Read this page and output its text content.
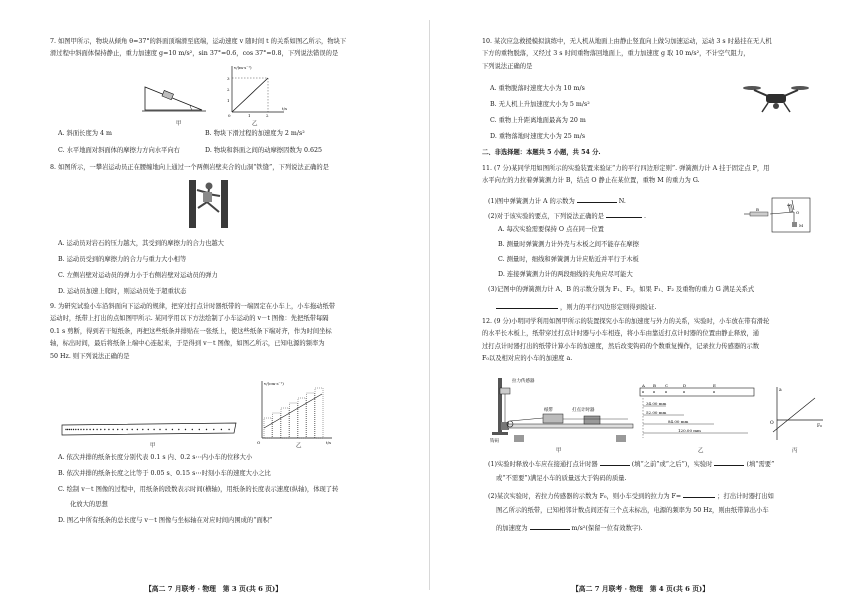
7. 如图甲所示，物块从倾角 θ=37°的斜面顶端滑至底端，运动速度 v 随时间 t 的关系如图乙所示，物块下

滑过程中斜面体保持静止，重力加速度 g=10 m/s²，sin 37°=0.6，cos 37°=0.8，下列说法错误的是

甲
3
2
1
0	1	2
v/(m·s⁻¹)
t/s
乙
A. 斜面长度为 4 m	B. 物块下滑过程的加速度为 2 m/s²
C. 水平地面对斜面体的摩擦力方向水平向右	D. 物块和斜面之间的动摩擦因数为 0.625

8. 如图所示，一攀岩运动员正在腰缠地向上通过一个两侧岩壁夹合的山洞“铁缝”，下列说法正确的是

A. 运动员对岩石的压力越大，其受到的摩擦力的合力也越大
B. 运动员受到的摩擦力的合力与重力大小相等
C. 左侧岩壁对运动员的弹力小于右侧岩壁对运动员的弹力
D. 运动员加速上爬时，则运动员处于超重状态

9. 为研究试验小车沿斜面向下运动的规律，把穿过打点计时器纸带的一端固定在小车上，小车拖动纸带

运动时，纸带上打出的点如图甲所示. 某同学用以下方法绘制了小车运动的 v－t 图像：先把纸带每隔

0.1 s 剪断，得到若干短纸条，再把这些纸条并排贴在一张纸上，使这些纸条下端对齐，作为时间坐标

轴，标出时间，最后将纸条上端中心连起来，于是得到 v－t 图像，如图乙所示，已知电源的频率为

50 Hz. 则下列说法正确的是

甲
v/(cm·s⁻¹)
t/s
O
乙
A. 依次并排的纸条长度分别代表 0.1 s 内、0.2 s⋯内小车的位移大小
B. 依次并排的纸条长度之比等于 0.05 s、0.15 s⋯时刻小车的速度大小之比
C. 绘制 v－t 图像的过程中，用纸条的段数表示时间(横轴)，用纸条的长度表示速度(纵轴)，体现了转
化放大的思想
D. 图乙中所有纸条的总长度与 v－t 图像与坐标轴在对应时间内围成的“面积”
【高二 7 月联考 · 物理　第 3 页(共 6 页)】

10. 某次应急救援模拟演练中，无人机从地面上由静止竖直向上做匀加速运动，运动 3 s 时悬挂在无人机

下方的重物脱落，又经过 3 s 时间重物落回地面上，重力加速度 g 取 10 m/s²，不计空气阻力，

下列说法正确的是

A. 重物脱落时速度大小为 10 m/s
B. 无人机上升加速度大小为 5 m/s²
C. 重物上升距离地面最高为 20 m
D. 重物落地时速度大小为 25 m/s
二、非选择题：本题共 5 小题，共 54 分.

11. (7 分)某同学用如图所示的实验装置来验证“力的平行四边形定则”. 弹簧测力计 A 挂于固定点 P，用

水平向左的力拉着弹簧测力计 B，结点 O 静止在某位置，重物 M 的重力为 G.

(1)图中弹簧测力计 A 的示数为	N.
(2)对于该实验的要点，下列说法正确的是	.
A. 每次实验需要保持 O 点在同一位置
B. 测量时弹簧测力计外壳与木板之间不能存在摩擦
C. 测量时，细线和弹簧测力计应贴近并平行于木板
D. 连接弹簧测力计的两段细线的夹角应尽可能大
(3)记图中的弹簧测力计 A、B 的示数分别为 F₁、F₂，如果 F₁、F₂ 及重物的重力 G 满足关系式
，则力的平行四边形定则得到验证.
A
O
B
M

12. (9 分)小明同学利用如图甲所示的装置探究小车的加速度与外力的关系，实验时，小车放在带有滑轮

的水平长木板上，纸带穿过打点计时器与小车相连，将小车由靠近打点计时器的位置由静止释放，通

过打点计时器打出的纸带计算小车的加速度，然后改变钩码的个数重复操作，记录拉力传感器的示数

F₀以及相对应的小车的加速度 a.

拉力传感器
钩码
纸带	打点计时器
甲
A B C	D	E
34.00 mm
52.00 mm
84.00 mm
120.00 mm
乙
a
F₀
O
丙
(1)实验时释放小车应在接通打点计时器	(填“之前”或“之后”)，实验时	(填“需要”
或“不需要”)满足小车的质量远大于钩码的质量.
(2)某次实验时，若拉力传感器的示数为 F₀，则小车受到的拉力为 F=	；打出计时器打出如
图乙所示的纸带，已知相邻计数点间还有三个点未标出，电源的频率为 50 Hz，则由纸带算出小车
的加速度为	m/s²(保留一位有效数字).
【高二 7 月联考 · 物理　第 4 页(共 6 页)】
